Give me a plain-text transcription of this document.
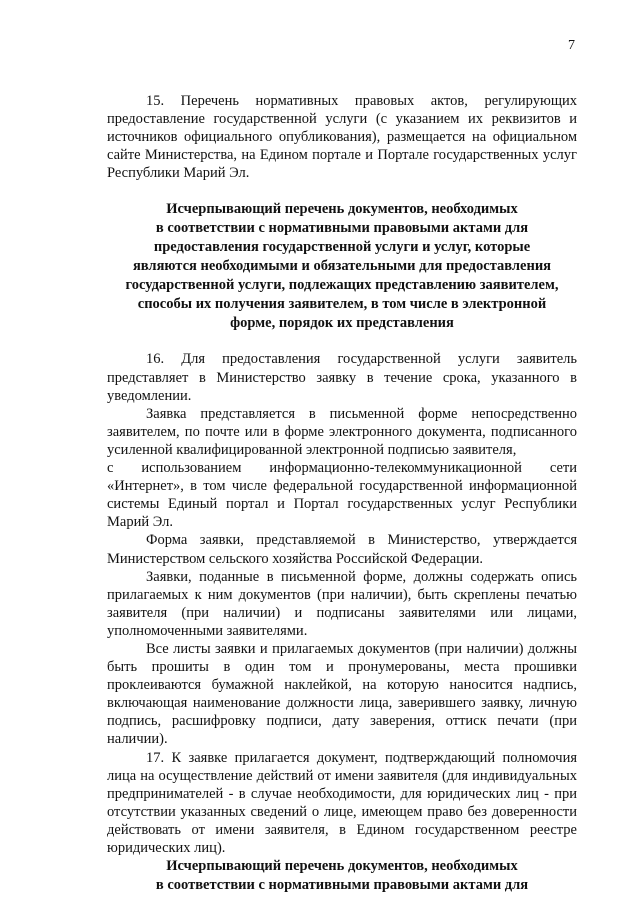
7

15. Перечень нормативных правовых актов, регулирующих предоставление государственной услуги (с указанием их реквизитов и источников официального опубликования), размещается на официальном сайте Министерства, на Едином портале и Портале государственных услуг Республики Марий Эл.

Исчерпывающий перечень документов, необходимых
в соответствии с нормативными правовыми актами для
предоставления государственной услуги и услуг, которые
являются необходимыми и обязательными для предоставления
государственной услуги, подлежащих представлению заявителем,
способы их получения заявителем, в том числе в электронной
форме, порядок их представления

16. Для предоставления государственной услуги заявитель представляет в Министерство заявку в течение срока, указанного в уведомлении.

Заявка представляется в письменной форме непосредственно заявителем, по почте или в форме электронного документа, подписанного усиленной квалифицированной электронной подписью заявителя,

с использованием информационно-телекоммуникационной сети «Интернет», в том числе федеральной государственной информационной системы Единый портал и Портал государственных услуг Республики Марий Эл.

Форма заявки, представляемой в Министерство, утверждается Министерством сельского хозяйства Российской Федерации.

Заявки, поданные в письменной форме, должны содержать опись прилагаемых к ним документов (при наличии), быть скреплены печатью заявителя (при наличии) и подписаны заявителями или лицами, уполномоченными заявителями.

Все листы заявки и прилагаемых документов (при наличии) должны быть прошиты в один том и пронумерованы, места прошивки проклеиваются бумажной наклейкой, на которую наносится надпись, включающая наименование должности лица, заверившего заявку, личную подпись, расшифровку подписи, дату заверения, оттиск печати (при наличии).

17. К заявке прилагается документ, подтверждающий полномочия лица на осуществление действий от имени заявителя (для индивидуальных предпринимателей - в случае необходимости, для юридических лиц - при отсутствии указанных сведений о лице, имеющем право без доверенности действовать от имени заявителя, в Едином государственном реестре юридических лиц).

Исчерпывающий перечень документов, необходимых
в соответствии с нормативными правовыми актами для
